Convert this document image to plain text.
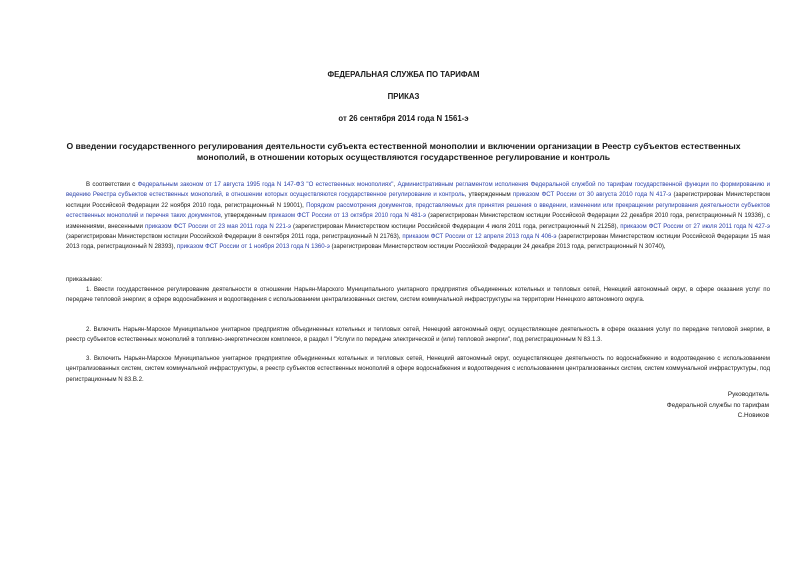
ФЕДЕРАЛЬНАЯ СЛУЖБА ПО ТАРИФАМ
ПРИКАЗ
от 26 сентября 2014 года N 1561-э
О введении государственного регулирования деятельности субъекта естественной монополии и включении организации в Реестр субъектов естественных монополий, в отношении которых осуществляются государственное регулирование и контроль

В соответствии с Федеральным законом от 17 августа 1995 года N 147-ФЗ "О естественных монополиях", Административным регламентом исполнения Федеральной службой по тарифам государственной функции по формированию и ведению Реестра субъектов естественных монополий, в отношении которых осуществляются государственное регулирование и контроль, утвержденным приказом ФСТ России от 30 августа 2010 года N 417-э (зарегистрирован Министерством юстиции Российской Федерации 22 ноября 2010 года, регистрационный N 19001), Порядком рассмотрения документов, представляемых для принятия решения о введении, изменении или прекращении регулирования деятельности субъектов естественных монополий и перечня таких документов, утвержденным приказом ФСТ России от 13 октября 2010 года N 481-э (зарегистрирован Министерством юстиции Российской Федерации 22 декабря 2010 года, регистрационный N 19336), с изменениями, внесенными приказом ФСТ России от 23 мая 2011 года N 221-э (зарегистрирован Министерством юстиции Российской Федерации 4 июля 2011 года, регистрационный N 21258), приказом ФСТ России от 27 июля 2011 года N 427-э (зарегистрирован Министерством юстиции Российской Федерации 8 сентября 2011 года, регистрационный N 21763), приказом ФСТ России от 12 апреля 2013 года N 406-э (зарегистрирован Министерством юстиции Российской Федерации 15 мая 2013 года, регистрационный N 28393), приказом ФСТ России от 1 ноября 2013 года N 1360-э (зарегистрирован Министерством юстиции Российской Федерации 24 декабря 2013 года, регистрационный N 30740),

приказываю:

1. Ввести государственное регулирование деятельности в отношении Нарьян-Марского Муниципального унитарного предприятия объединенных котельных и тепловых сетей, Ненецкий автономный округ, в сфере оказания услуг по передаче тепловой энергии; в сфере водоснабжения и водоотведения с использованием централизованных систем, систем коммунальной инфраструктуры на территории Ненецкого автономного округа.

2. Включить Нарьян-Марское Муниципальное унитарное предприятие объединенных котельных и тепловых сетей, Ненецкий автономный округ, осуществляющее деятельность в сфере оказания услуг по передаче тепловой энергии, в реестр субъектов естественных монополий в топливно-энергетическом комплексе, в раздел I "Услуги по передаче электрической и (или) тепловой энергии", под регистрационным N 83.1.3.

3. Включить Нарьян-Марское Муниципальное унитарное предприятие объединенных котельных и тепловых сетей, Ненецкий автономный округ, осуществляющее деятельность по водоснабжению и водоотведению с использованием централизованных систем, систем коммунальной инфраструктуры, в реестр субъектов естественных монополий в сфере водоснабжения и водоотведения с использованием централизованных систем, систем коммунальной инфраструктуры, под регистрационным N 83.В.2.

Руководитель
Федеральной службы по тарифам
С.Новиков
